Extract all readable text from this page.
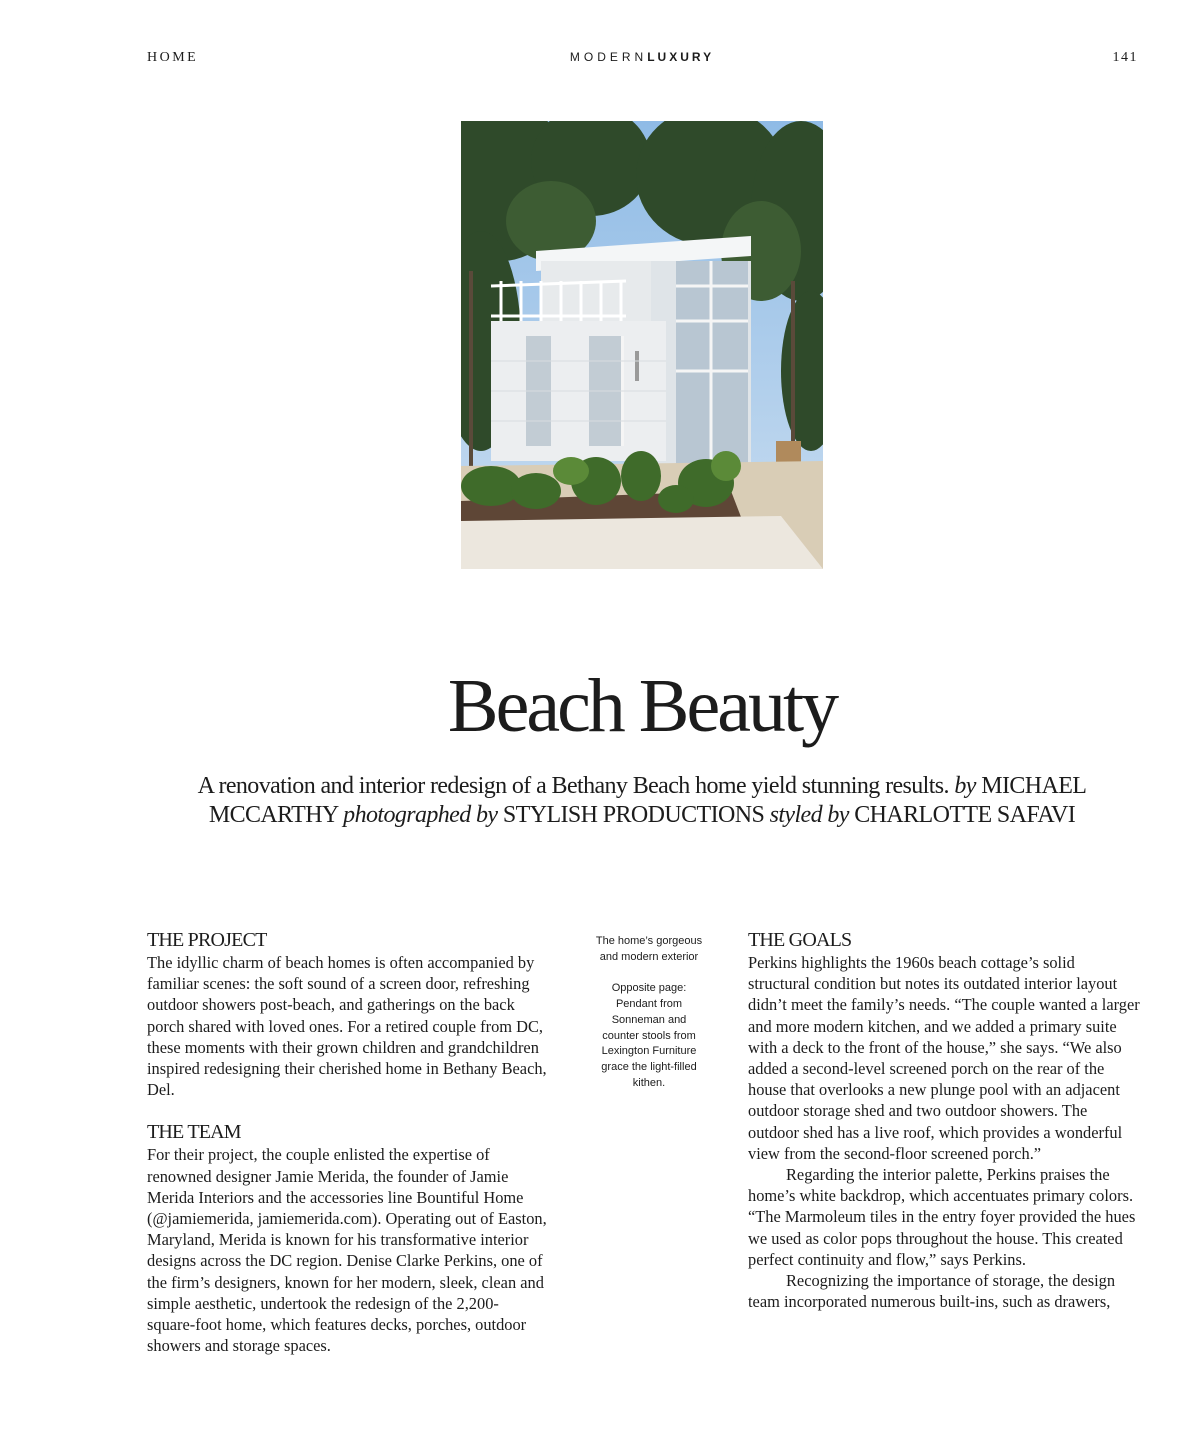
HOME	MODERNLUXURY	141
Beach Beauty

A renovation and interior redesign of a Bethany Beach home yield stunning results. by MICHAEL MCCARTHY photographed by STYLISH PRODUCTIONS styled by CHARLOTTE SAFAVI

THE PROJECT

The idyllic charm of beach homes is often accompanied by familiar scenes: the soft sound of a screen door, refreshing outdoor showers post-beach, and gatherings on the back porch shared with loved ones. For a retired couple from DC, these moments with their grown children and grandchildren inspired redesigning their cherished home in Bethany Beach, Del.

THE TEAM

For their project, the couple enlisted the expertise of renowned designer Jamie Merida, the founder of Jamie Merida Interiors and the accessories line Bountiful Home (@jamiemerida, jamiemerida.com). Operating out of Easton, Maryland, Merida is known for his transformative interior designs across the DC region. Denise Clarke Perkins, one of the firm’s designers, known for her modern, sleek, clean and simple aesthetic, undertook the redesign of the 2,200-square-foot home, which features decks, porches, outdoor showers and storage spaces.

The home’s gorgeous and modern exterior

Opposite page: Pendant from Sonneman and counter stools from Lexington Furniture grace the light-filled kithen.

THE GOALS

Perkins highlights the 1960s beach cottage’s solid structural condition but notes its outdated interior layout didn’t meet the family’s needs. “The couple wanted a larger and more modern kitchen, and we added a primary suite with a deck to the front of the house,” she says. “We also added a second-level screened porch on the rear of the house that overlooks a new plunge pool with an adjacent outdoor storage shed and two outdoor showers. The outdoor shed has a live roof, which provides a wonderful view from the second-floor screened porch.”

Regarding the interior palette, Perkins praises the home’s white backdrop, which accentuates primary colors. “The Marmoleum tiles in the entry foyer provided the hues we used as color pops throughout the house. This created perfect continuity and flow,” says Perkins.

Recognizing the importance of storage, the design team incorporated numerous built-ins, such as drawers,
